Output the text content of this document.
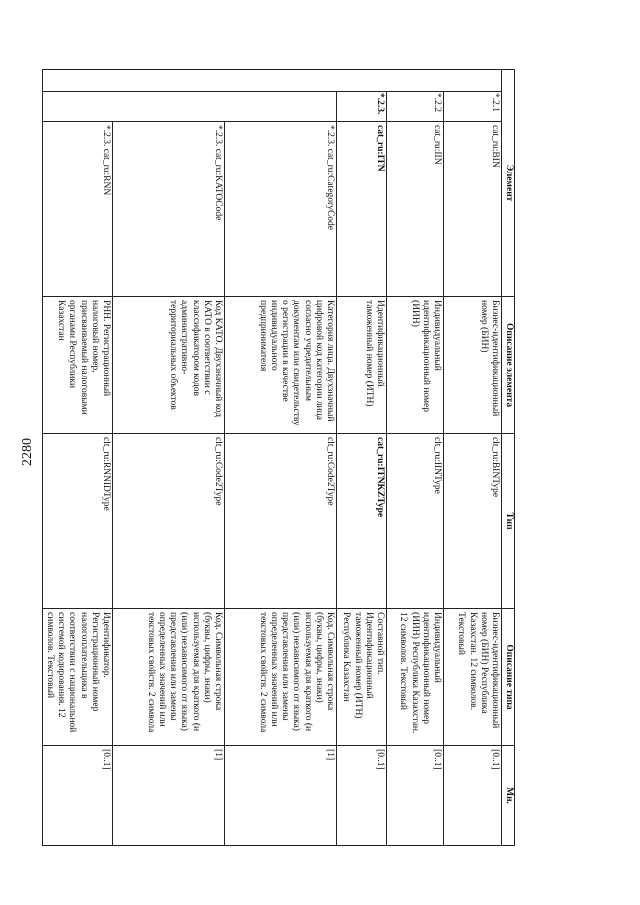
2280
Элемент			Описание элемента	Тип	Описание типа	Мн.
	*.2.1	cat_ru:BIN	Бизнес-идентификационный номер (БИН)	clt_ru:BINType	Бизнес-идентификационный номер (БИН) Республика Казахстан. 12 символов. Текстовый	[0..1]
	*.2.2	cat_ru:IIN	Индивидуальный идентификационный номер (ИИН)	clt_ru:IINType	Индивидуальный идентификационный номер (ИИН) Республика Казахстан. 12 символов. Текстовый	[0..1]
	*.2.3.	cat_ru:ITN	Идентификационный таможенный номер (ИТН)	cat_ru:ITNKZType	Составной тип. Идентификационный таможенный номер (ИТН) Республика Казахстан	[0..1]
		*.2.3. cat_ru:CategoryCode	Категория лица. Двухзначный цифровой код категории лица согласно учредительным документам или свидетельству о регистрации в качестве индивидуального предпринимателя	clt_ru:Code2Type	Код. Символьная строка (буквы, цифры, знаки) используемая для краткого (и (или) независимого от языка) представления или замены определенных значений или текстовых свойств. 2 символа	[1]
		*.2.3. cat_ru:KATOCode	Код КАТО. Двухзначный код КАТО в соответствии с классификатором кодов административно-территориальных объектов	clt_ru:Code2Type	Код. Символьная строка (буквы, цифры, знаки) используемая для краткого (и (или) независимого от языка) представления или замены определенных значений или текстовых свойств. 2 символа	[1]
		*.2.3. cat_ru:RNN	РНН. Регистрационный налоговый номер, присваиваемый налоговыми органами Республики Казахстан	clt_ru:RNNIDType	Идентификатор. Регистрационный номер налогоплательщика в соответствии с национальной системой кодирования. 12 символов. Текстовый	[0..1]
